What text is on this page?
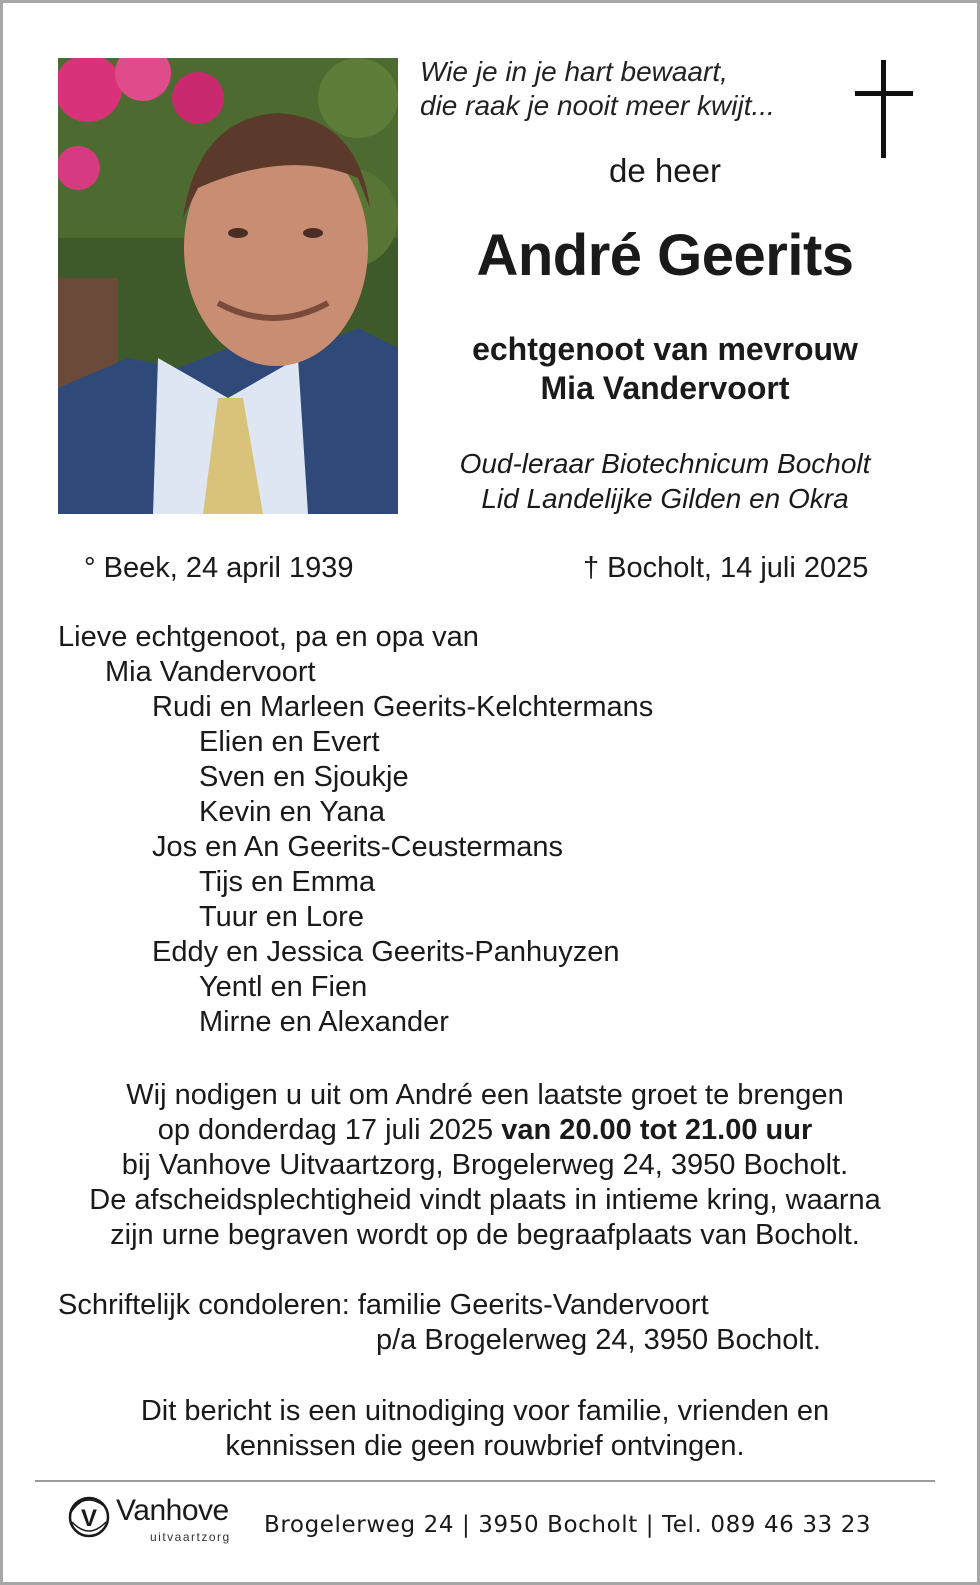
Wie je in je hart bewaart,
die raak je nooit meer kwijt...
de heer
André Geerits
echtgenoot van mevrouw
Mia Vandervoort
Oud-leraar Biotechnicum Bocholt
Lid Landelijke Gilden en Okra
° Beek, 24 april 1939	† Bocholt, 14 juli 2025
Lieve echtgenoot, pa en opa van
Mia Vandervoort
Rudi en Marleen Geerits-Kelchtermans
Elien en Evert
Sven en Sjoukje
Kevin en Yana
Jos en An Geerits-Ceustermans
Tijs en Emma
Tuur en Lore
Eddy en Jessica Geerits-Panhuyzen
Yentl en Fien
Mirne en Alexander
Wij nodigen u uit om André een laatste groet te brengen
op donderdag 17 juli 2025 van 20.00 tot 21.00 uur
bij Vanhove Uitvaartzorg, Brogelerweg 24, 3950 Bocholt.
De afscheidsplechtigheid vindt plaats in intieme kring, waarna
zijn urne begraven wordt op de begraafplaats van Bocholt.
Schriftelijk condoleren: familie Geerits-Vandervoort
p/a Brogelerweg 24, 3950 Bocholt.
Dit bericht is een uitnodiging voor familie, vrienden en
kennissen die geen rouwbrief ontvingen.
V Vanhove
uitvaartzorg Brogelerweg 24 | 3950 Bocholt | Tel. 089 46 33 23
